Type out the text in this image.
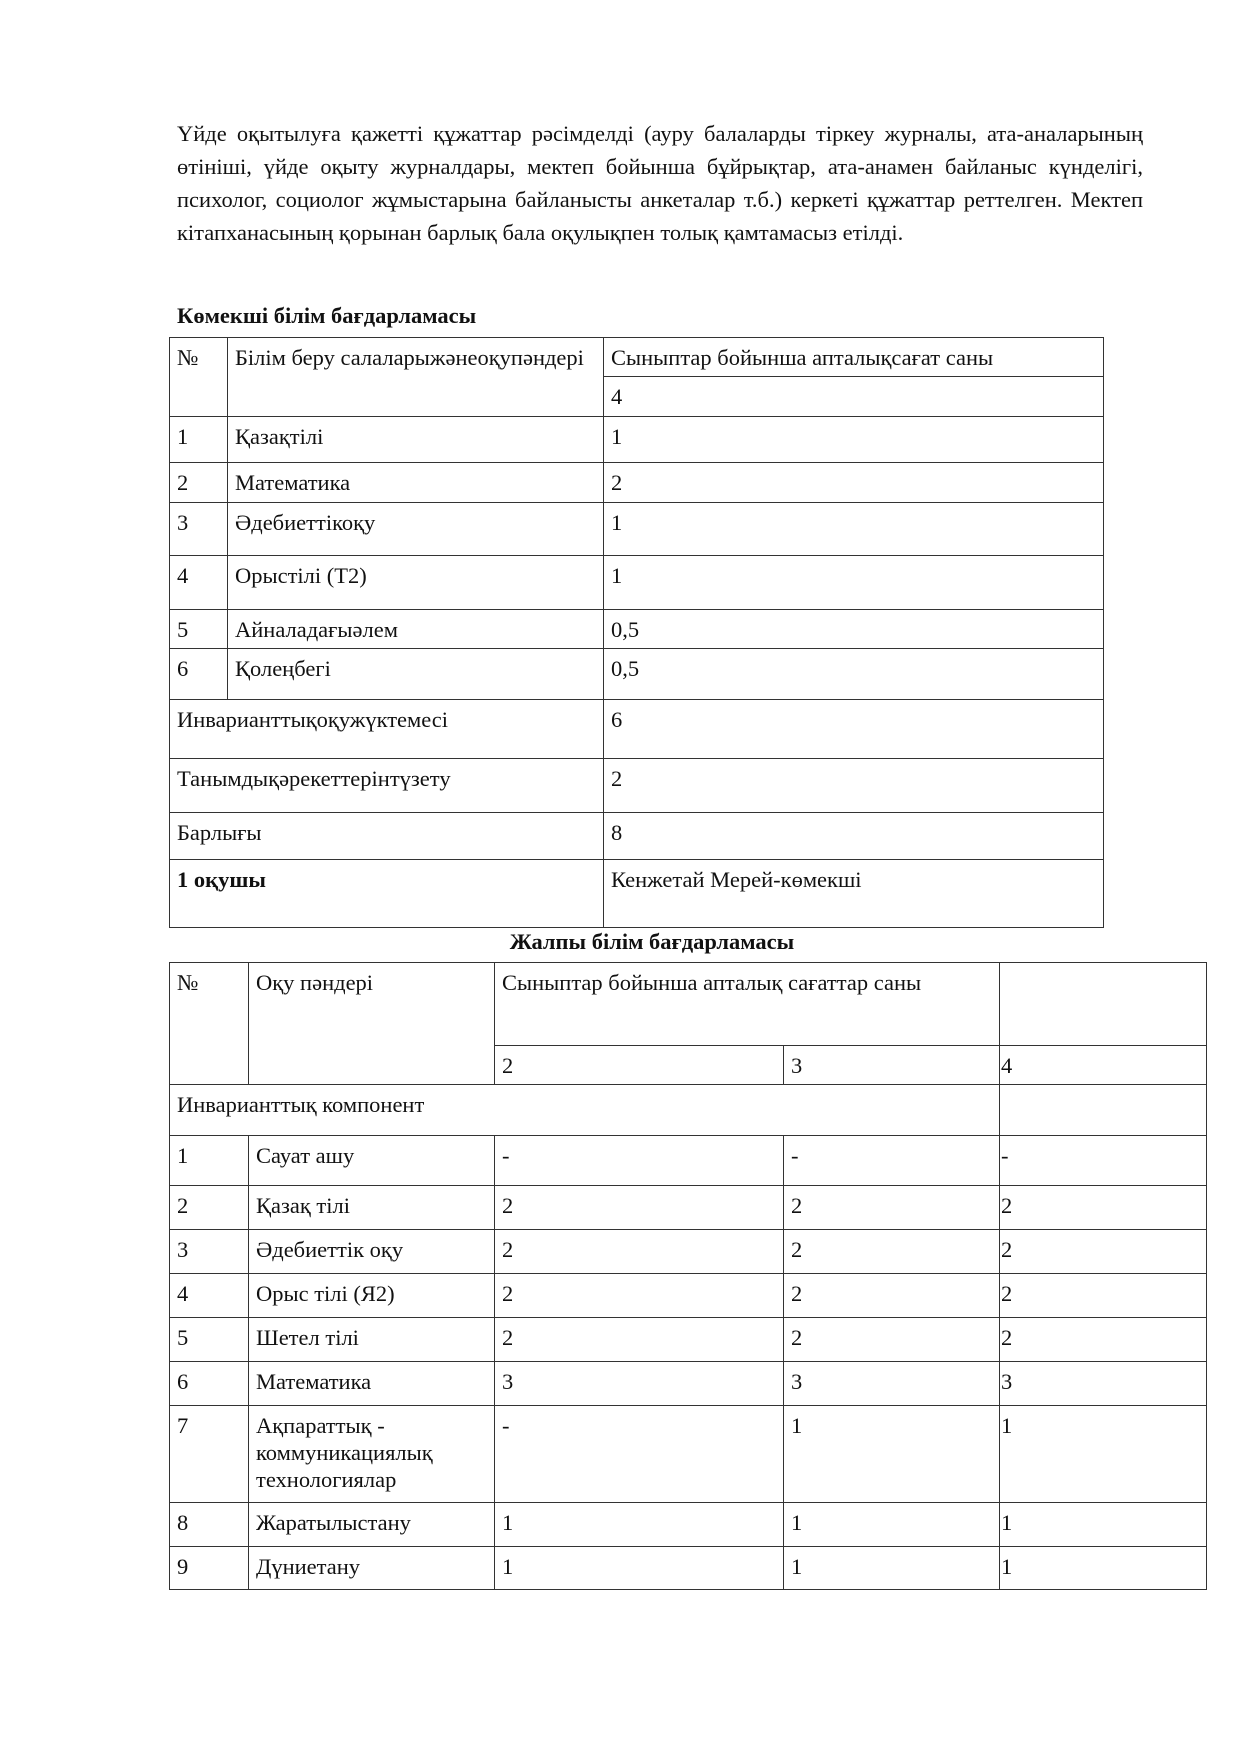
Үйде оқытылуға қажетті құжаттар рәсімделді (ауру балаларды тіркеу журналы, ата-аналарының өтініші, үйде оқыту журналдары, мектеп бойынша бұйрықтар, ата-анамен байланыс күнделігі, психолог, социолог жұмыстарына байланысты анкеталар т.б.) керкеті құжаттар реттелген. Мектеп кітапханасының қорынан барлық бала оқулықпен толық қамтамасыз етілді.

Көмекші білім бағдарламасы

№	Білім беру салаларыжәнеоқупәндері	Сыныптар бойынша апталықсағат саны
		4
1	Қазақтілі	1
2	Математика	2
3	Әдебиеттікоқу	1
4	Орыстілі (Т2)	1
5	Айналадағыәлем	0,5
6	Қолеңбегі	0,5
Инварианттықоқужүктемесі		6
Танымдықәрекеттерінтүзету		2
Барлығы		8
1 оқушы		Кенжетай Мерей-көмекші

Жалпы білім бағдарламасы

№	Оқу пәндері	Сыныптар бойынша апталық сағаттар саны		
		2	3	4
Инварианттық компонент				
1	Сауат ашу	-	-	-
2	Қазақ тілі	2	2	2
3	Әдебиеттік оқу	2	2	2
4	Орыс тілі (Я2)	2	2	2
5	Шетел тілі	2	2	2
6	Математика	3	3	3
7	Ақпараттық - коммуникациялық технологиялар	-	1	1
8	Жаратылыстану	1	1	1
9	Дүниетану	1	1	1
